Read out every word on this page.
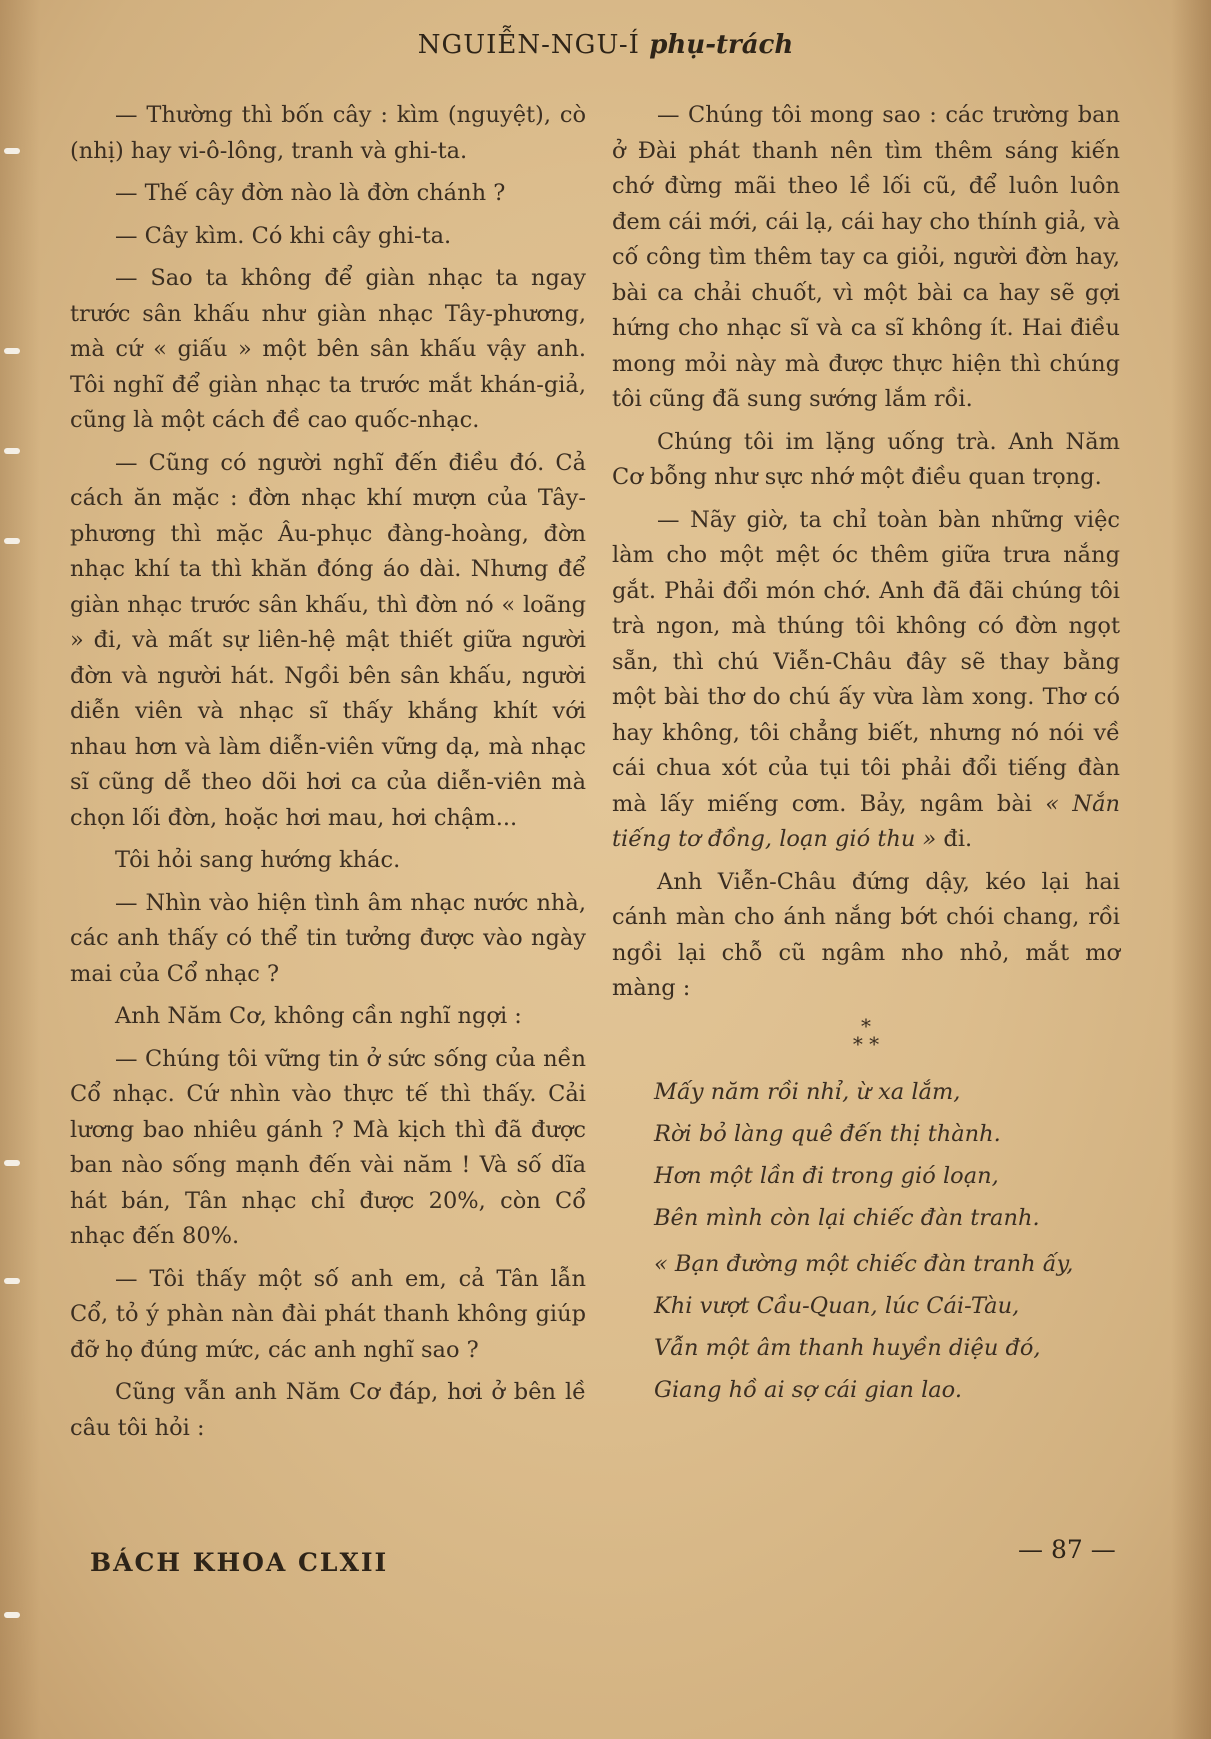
NGUIỄN-NGU-Í phụ-trách

— Thường thì bốn cây : kìm (nguyệt), cò (nhị) hay vi-ô-lông, tranh và ghi-ta.

— Thế cây đờn nào là đờn chánh ?

— Cây kìm. Có khi cây ghi-ta.

— Sao ta không để giàn nhạc ta ngay trước sân khấu như giàn nhạc Tây-phương, mà cứ « giấu » một bên sân khấu vậy anh. Tôi nghĩ để giàn nhạc ta trước mắt khán-giả, cũng là một cách đề cao quốc-nhạc.

— Cũng có người nghĩ đến điều đó. Cả cách ăn mặc : đờn nhạc khí mượn của Tây-phương thì mặc Âu-phục đàng-hoàng, đờn nhạc khí ta thì khăn đóng áo dài. Nhưng để giàn nhạc trước sân khấu, thì đờn nó « loãng » đi, và mất sự liên-hệ mật thiết giữa người đờn và người hát. Ngồi bên sân khấu, người diễn viên và nhạc sĩ thấy khắng khít với nhau hơn và làm diễn-viên vững dạ, mà nhạc sĩ cũng dễ theo dõi hơi ca của diễn-viên mà chọn lối đờn, hoặc hơi mau, hơi chậm...

Tôi hỏi sang hướng khác.

— Nhìn vào hiện tình âm nhạc nước nhà, các anh thấy có thể tin tưởng được vào ngày mai của Cổ nhạc ?

Anh Năm Cơ, không cần nghĩ ngợi :

— Chúng tôi vững tin ở sức sống của nền Cổ nhạc. Cứ nhìn vào thực tế thì thấy. Cải lương bao nhiêu gánh ? Mà kịch thì đã được ban nào sống mạnh đến vài năm ! Và số dĩa hát bán, Tân nhạc chỉ được 20%, còn Cổ nhạc đến 80%.

— Tôi thấy một số anh em, cả Tân lẫn Cổ, tỏ ý phàn nàn đài phát thanh không giúp đỡ họ đúng mức, các anh nghĩ sao ?

Cũng vẫn anh Năm Cơ đáp, hơi ở bên lề câu tôi hỏi :

— Chúng tôi mong sao : các trường ban ở Đài phát thanh nên tìm thêm sáng kiến chớ đừng mãi theo lề lối cũ, để luôn luôn đem cái mới, cái lạ, cái hay cho thính giả, và cố công tìm thêm tay ca giỏi, người đờn hay, bài ca chải chuốt, vì một bài ca hay sẽ gợi hứng cho nhạc sĩ và ca sĩ không ít. Hai điều mong mỏi này mà được thực hiện thì chúng tôi cũng đã sung sướng lắm rồi.

Chúng tôi im lặng uống trà. Anh Năm Cơ bỗng như sực nhớ một điều quan trọng.

— Nãy giờ, ta chỉ toàn bàn những việc làm cho một mệt óc thêm giữa trưa nắng gắt. Phải đổi món chớ. Anh đã đãi chúng tôi trà ngon, mà thúng tôi không có đờn ngọt sẵn, thì chú Viễn-Châu đây sẽ thay bằng một bài thơ do chú ấy vừa làm xong. Thơ có hay không, tôi chẳng biết, nhưng nó nói về cái chua xót của tụi tôi phải đổi tiếng đàn mà lấy miếng cơm. Bảy, ngâm bài « Nắn tiếng tơ đồng, loạn gió thu » đi.

Anh Viễn-Châu đứng dậy, kéo lại hai cánh màn cho ánh nắng bớt chói chang, rồi ngồi lại chỗ cũ ngâm nho nhỏ, mắt mơ màng :

*
* *
Mấy năm rồi nhỉ, ừ xa lắm,
Rời bỏ làng quê đến thị thành.
Hơn một lần đi trong gió loạn,
Bên mình còn lại chiếc đàn tranh.
« Bạn đường một chiếc đàn tranh ấy,
Khi vượt Cầu-Quan, lúc Cái-Tàu,
Vẫn một âm thanh huyền diệu đó,
Giang hồ ai sợ cái gian lao.
BÁCH KHOA CLXII	— 87 —
